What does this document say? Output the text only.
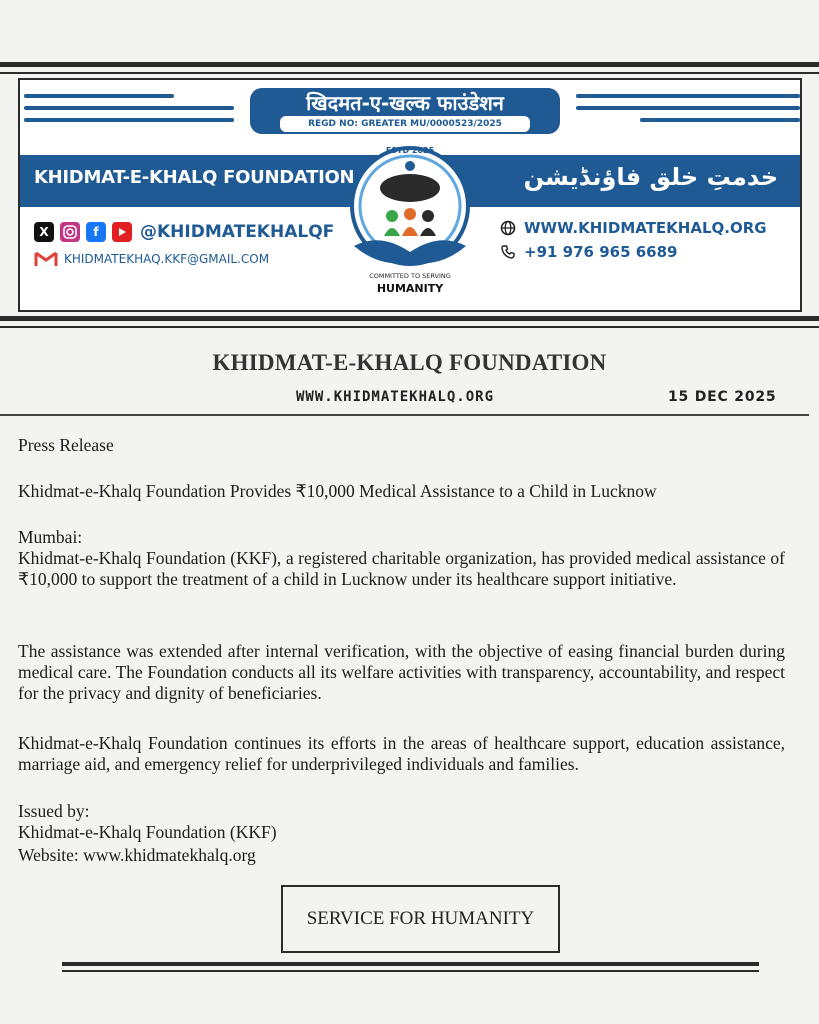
खिदमत-ए-खल्क फाउंडेशन
REGD NO: GREATER MU/0000523/2025
KHIDMAT-E-KHALQ FOUNDATION	خدمتِ خلق فاؤنڈیشن
ESTD 2025
COMMITTED TO SERVING
HUMANITY
X	f	@KHIDMATEKHALQF
KHIDMATEKHAQ.KKF@GMAIL.COM
WWW.KHIDMATEKHALQ.ORG
+91 976 965 6689
KHIDMAT-E-KHALQ FOUNDATION
WWW.KHIDMATEKHALQ.ORG	15 DEC 2025
Press Release
Khidmat-e-Khalq Foundation Provides ₹10,000 Medical Assistance to a Child in Lucknow
Mumbai:
Khidmat-e-Khalq Foundation (KKF), a registered charitable organization, has provided medical assistance of ₹10,000 to support the treatment of a child in Lucknow under its healthcare support initiative.
The assistance was extended after internal verification, with the objective of easing financial burden during medical care. The Foundation conducts all its welfare activities with transparency, accountability, and respect for the privacy and dignity of beneficiaries.
Khidmat-e-Khalq Foundation continues its efforts in the areas of healthcare support, education assistance, marriage aid, and emergency relief for underprivileged individuals and families.
Issued by:
Khidmat-e-Khalq Foundation (KKF)
Website: www.khidmatekhalq.org
SERVICE FOR HUMANITY
